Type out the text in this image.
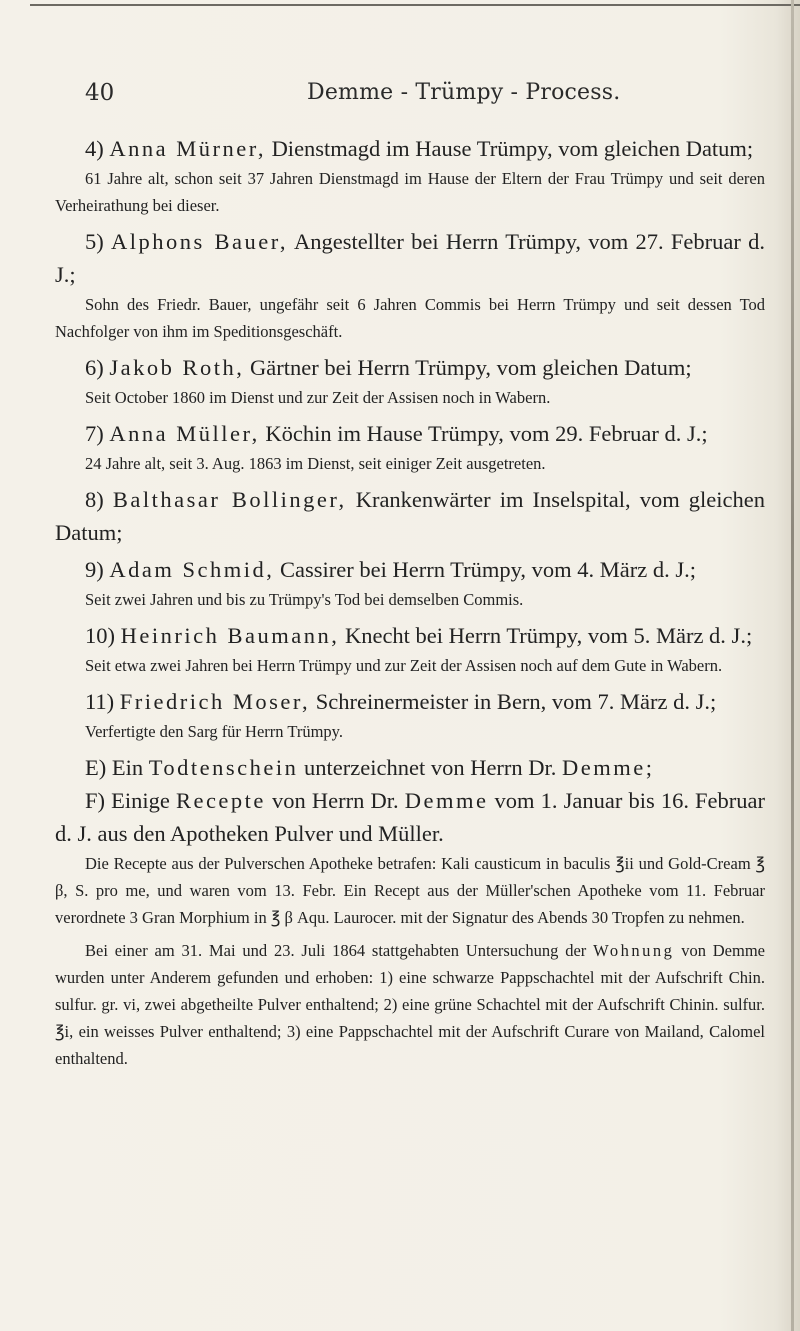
40	Demme - Trümpy - Process.

4) Anna Mürner, Dienstmagd im Hause Trümpy, vom gleichen Datum;

61 Jahre alt, schon seit 37 Jahren Dienstmagd im Hause der Eltern der Frau Trümpy und seit deren Verheirathung bei dieser.

5) Alphons Bauer, Angestellter bei Herrn Trümpy, vom 27. Februar d. J.;

Sohn des Friedr. Bauer, ungefähr seit 6 Jahren Commis bei Herrn Trümpy und seit dessen Tod Nachfolger von ihm im Speditionsgeschäft.

6) Jakob Roth, Gärtner bei Herrn Trümpy, vom gleichen Datum;

Seit October 1860 im Dienst und zur Zeit der Assisen noch in Wabern.

7) Anna Müller, Köchin im Hause Trümpy, vom 29. Februar d. J.;

24 Jahre alt, seit 3. Aug. 1863 im Dienst, seit einiger Zeit ausgetreten.

8) Balthasar Bollinger, Krankenwärter im Inselspital, vom gleichen Datum;

9) Adam Schmid, Cassirer bei Herrn Trümpy, vom 4. März d. J.;

Seit zwei Jahren und bis zu Trümpy's Tod bei demselben Commis.

10) Heinrich Baumann, Knecht bei Herrn Trümpy, vom 5. März d. J.;

Seit etwa zwei Jahren bei Herrn Trümpy und zur Zeit der Assisen noch auf dem Gute in Wabern.

11) Friedrich Moser, Schreinermeister in Bern, vom 7. März d. J.;

Verfertigte den Sarg für Herrn Trümpy.

E) Ein Todtenschein unterzeichnet von Herrn Dr. Demme;

F) Einige Recepte von Herrn Dr. Demme vom 1. Januar bis 16. Februar d. J. aus den Apotheken Pulver und Müller.

Die Recepte aus der Pulverschen Apotheke betrafen: Kali causticum in baculis ℥ii und Gold-Cream ℥ β, S. pro me, und waren vom 13. Febr. Ein Recept aus der Müller'schen Apotheke vom 11. Februar verordnete 3 Gran Morphium in ℥ β Aqu. Laurocer. mit der Signatur des Abends 30 Tropfen zu nehmen.

Bei einer am 31. Mai und 23. Juli 1864 stattgehabten Untersuchung der Wohnung von Demme wurden unter Anderem gefunden und erhoben: 1) eine schwarze Pappschachtel mit der Aufschrift Chin. sulfur. gr. vi, zwei abgetheilte Pulver enthaltend; 2) eine grüne Schachtel mit der Aufschrift Chinin. sulfur. ℥i, ein weisses Pulver enthaltend; 3) eine Pappschachtel mit der Aufschrift Curare von Mailand, Calomel enthaltend.
